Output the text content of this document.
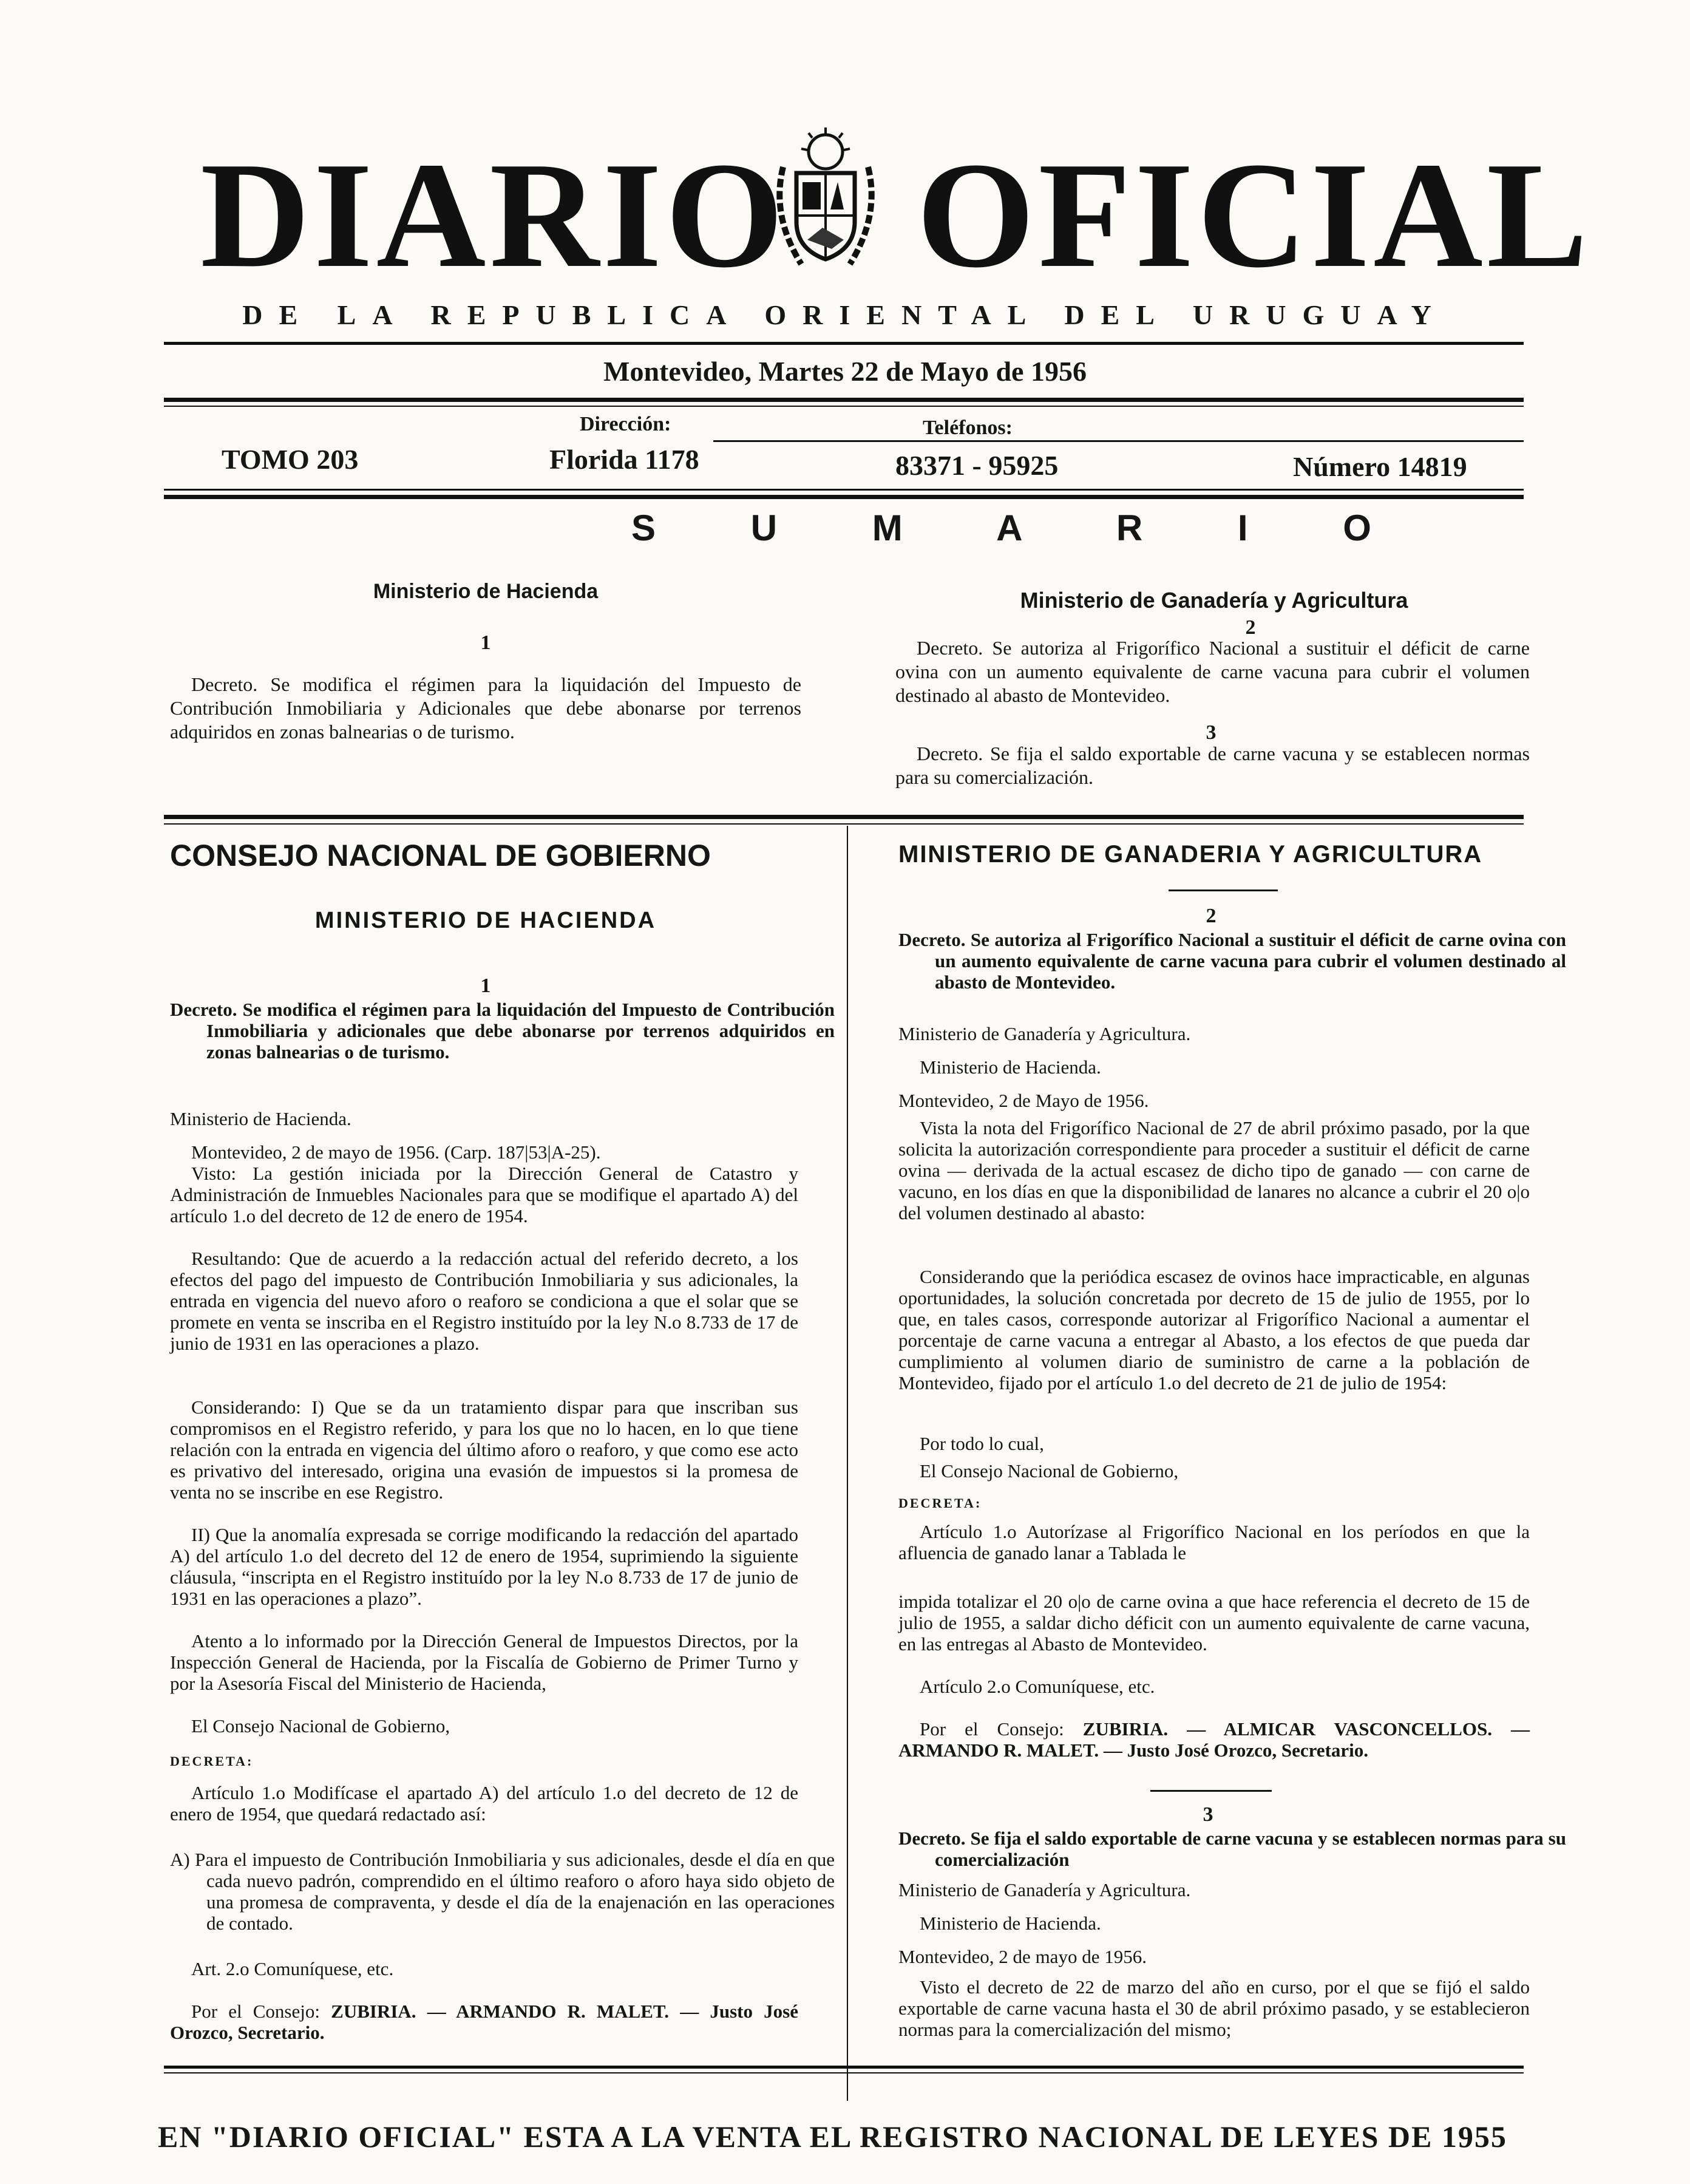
DIARIO OFICIAL
DE LA REPUBLICA ORIENTAL DEL URUGUAY
Montevideo, Martes 22 de Mayo de 1956
Dirección:	Teléfonos:
TOMO 203	Florida 1178	83371 - 95925	Número 14819
S U M A R I O
Ministerio de Hacienda
1
Decreto. Se modifica el régimen para la liquidación del Impuesto de Contribución Inmobiliaria y Adicionales que debe abonarse por terrenos adquiridos en zonas balnearias o de turismo.
Ministerio de Ganadería y Agricultura
2
Decreto. Se autoriza al Frigorífico Nacional a sustituir el déficit de carne ovina con un aumento equivalente de carne vacuna para cubrir el volumen destinado al abasto de Montevideo.
3
Decreto. Se fija el saldo exportable de carne vacuna y se establecen normas para su comercialización.
CONSEJO NACIONAL DE GOBIERNO
MINISTERIO DE HACIENDA
1
Decreto. Se modifica el régimen para la liquidación del Impuesto de Contribución Inmobiliaria y adicionales que debe abonarse por terrenos adquiridos en zonas balnearias o de turismo.
Ministerio de Hacienda.
Montevideo, 2 de mayo de 1956. (Carp. 187|53|A-25).
Visto: La gestión iniciada por la Dirección General de Catastro y Administración de Inmuebles Nacionales para que se modifique el apartado A) del artículo 1.o del decreto de 12 de enero de 1954.
Resultando: Que de acuerdo a la redacción actual del referido decreto, a los efectos del pago del impuesto de Contribución Inmobiliaria y sus adicionales, la entrada en vigencia del nuevo aforo o reaforo se condiciona a que el solar que se promete en venta se inscriba en el Registro instituído por la ley N.o 8.733 de 17 de junio de 1931 en las operaciones a plazo.
Considerando: I) Que se da un tratamiento dispar para que inscriban sus compromisos en el Registro referido, y para los que no lo hacen, en lo que tiene relación con la entrada en vigencia del último aforo o reaforo, y que como ese acto es privativo del interesado, origina una evasión de impuestos si la promesa de venta no se inscribe en ese Registro.
II) Que la anomalía expresada se corrige modificando la redacción del apartado A) del artículo 1.o del decreto del 12 de enero de 1954, suprimiendo la siguiente cláusula, “inscripta en el Registro instituído por la ley N.o 8.733 de 17 de junio de 1931 en las operaciones a plazo”.
Atento a lo informado por la Dirección General de Impuestos Directos, por la Inspección General de Hacienda, por la Fiscalía de Gobierno de Primer Turno y por la Asesoría Fiscal del Ministerio de Hacienda,
El Consejo Nacional de Gobierno,
DECRETA:
Artículo 1.o Modifícase el apartado A) del artículo 1.o del decreto de 12 de enero de 1954, que quedará redactado así:
A) Para el impuesto de Contribución Inmobiliaria y sus adicionales, desde el día en que cada nuevo padrón, comprendido en el último reaforo o aforo haya sido objeto de una promesa de compraventa, y desde el día de la enajenación en las operaciones de contado.
Art. 2.o Comuníquese, etc.
Por el Consejo: ZUBIRIA. — ARMANDO R. MALET. — Justo José Orozco, Secretario.
MINISTERIO DE GANADERIA Y AGRICULTURA
2
Decreto. Se autoriza al Frigorífico Nacional a sustituir el déficit de carne ovina con un aumento equivalente de carne vacuna para cubrir el volumen destinado al abasto de Montevideo.
Ministerio de Ganadería y Agricultura.
Ministerio de Hacienda.
Montevideo, 2 de Mayo de 1956.
Vista la nota del Frigorífico Nacional de 27 de abril próximo pasado, por la que solicita la autorización correspondiente para proceder a sustituir el déficit de carne ovina — derivada de la actual escasez de dicho tipo de ganado — con carne de vacuno, en los días en que la disponibilidad de lanares no alcance a cubrir el 20 o|o del volumen destinado al abasto:
Considerando que la periódica escasez de ovinos hace impracticable, en algunas oportunidades, la solución concretada por decreto de 15 de julio de 1955, por lo que, en tales casos, corresponde autorizar al Frigorífico Nacional a aumentar el porcentaje de carne vacuna a entregar al Abasto, a los efectos de que pueda dar cumplimiento al volumen diario de suministro de carne a la población de Montevideo, fijado por el artículo 1.o del decreto de 21 de julio de 1954:
Por todo lo cual,
El Consejo Nacional de Gobierno,
DECRETA:
Artículo 1.o Autorízase al Frigorífico Nacional en los períodos en que la afluencia de ganado lanar a Tablada le
impida totalizar el 20 o|o de carne ovina a que hace referencia el decreto de 15 de julio de 1955, a saldar dicho déficit con un aumento equivalente de carne vacuna, en las entregas al Abasto de Montevideo.
Artículo 2.o Comuníquese, etc.
Por el Consejo: ZUBIRIA. — ALMICAR VASCONCELLOS. — ARMANDO R. MALET. — Justo José Orozco, Secretario.
3
Decreto. Se fija el saldo exportable de carne vacuna y se establecen normas para su comercialización
Ministerio de Ganadería y Agricultura.
Ministerio de Hacienda.
Montevideo, 2 de mayo de 1956.
Visto el decreto de 22 de marzo del año en curso, por el que se fijó el saldo exportable de carne vacuna hasta el 30 de abril próximo pasado, y se establecieron normas para la comercialización del mismo;
EN "DIARIO OFICIAL" ESTA A LA VENTA EL REGISTRO NACIONAL DE LEYES DE 1955
